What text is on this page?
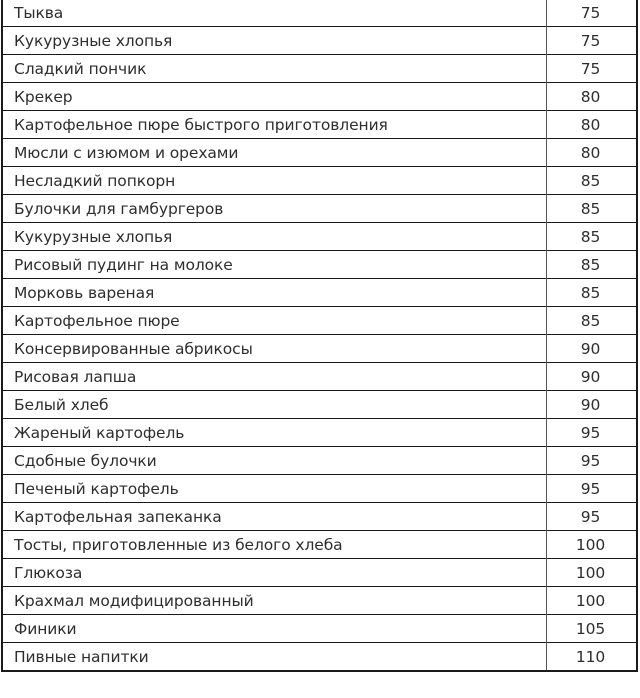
Тыква	75
Кукурузные хлопья	75
Сладкий пончик	75
Крекер	80
Картофельное пюре быстрого приготовления	80
Мюсли с изюмом и орехами	80
Несладкий попкорн	85
Булочки для гамбургеров	85
Кукурузные хлопья	85
Рисовый пудинг на молоке	85
Морковь вареная	85
Картофельное пюре	85
Консервированные абрикосы	90
Рисовая лапша	90
Белый хлеб	90
Жареный картофель	95
Сдобные булочки	95
Печеный картофель	95
Картофельная запеканка	95
Тосты, приготовленные из белого хлеба	100
Глюкоза	100
Крахмал модифицированный	100
Финики	105
Пивные напитки	110
